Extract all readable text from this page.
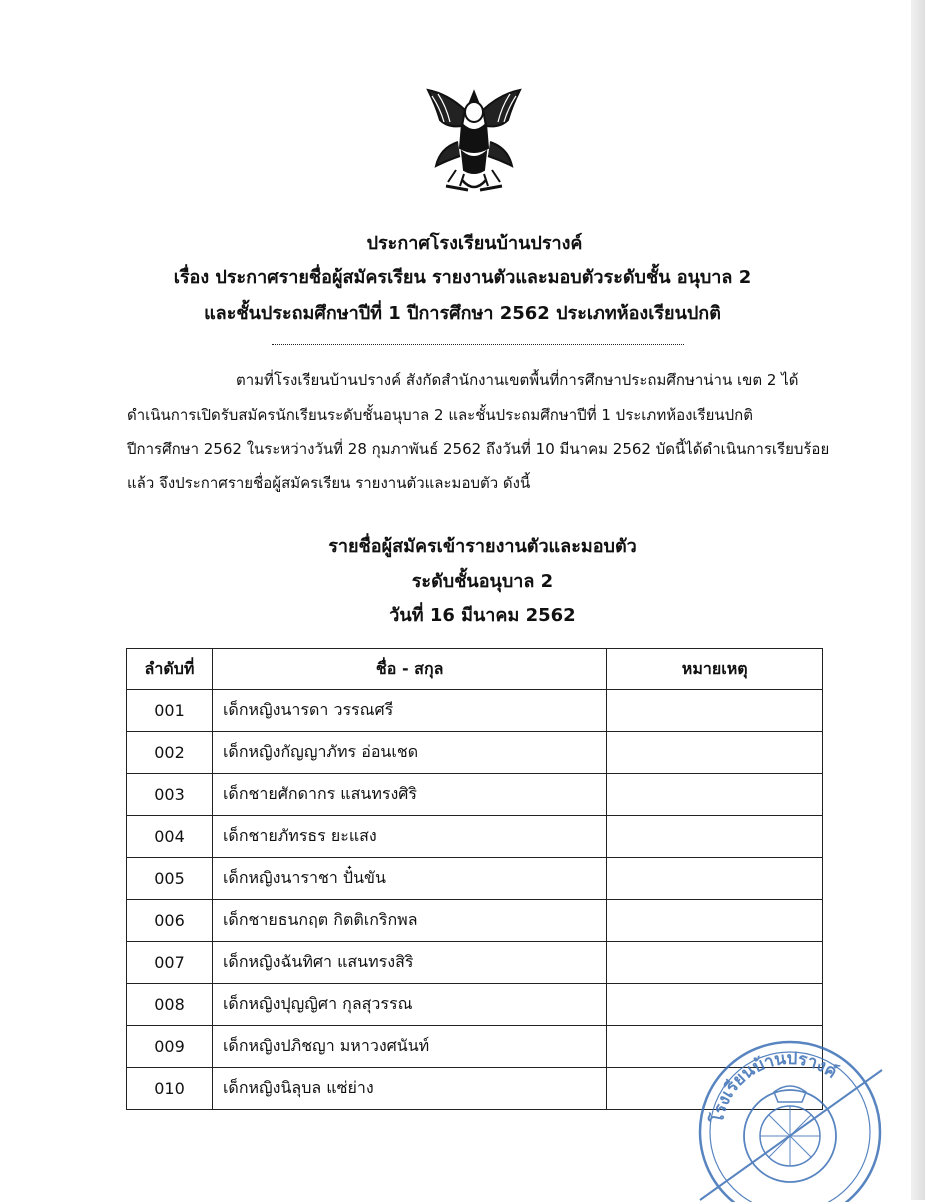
ประกาศโรงเรียนบ้านปรางค์
เรื่อง ประกาศรายชื่อผู้สมัครเรียน รายงานตัวและมอบตัวระดับชั้น อนุบาล 2
และชั้นประถมศึกษาปีที่ 1 ปีการศึกษา 2562 ประเภทห้องเรียนปกติ
ตามที่โรงเรียนบ้านปรางค์ สังกัดสำนักงานเขตพื้นที่การศึกษาประถมศึกษาน่าน เขต 2 ได้
ดำเนินการเปิดรับสมัครนักเรียนระดับชั้นอนุบาล 2 และชั้นประถมศึกษาปีที่ 1 ประเภทห้องเรียนปกติ
ปีการศึกษา 2562 ในระหว่างวันที่ 28 กุมภาพันธ์ 2562 ถึงวันที่ 10 มีนาคม 2562 บัดนี้ได้ดำเนินการเรียบร้อย
แล้ว จึงประกาศรายชื่อผู้สมัครเรียน รายงานตัวและมอบตัว ดังนี้
รายชื่อผู้สมัครเข้ารายงานตัวและมอบตัว
ระดับชั้นอนุบาล 2
วันที่ 16 มีนาคม 2562
ลำดับที่	ชื่อ - สกุล	หมายเหตุ
001	เด็กหญิงนารดา วรรณศรี	
002	เด็กหญิงกัญญาภัทร อ่อนเชด	
003	เด็กชายศักดากร แสนทรงศิริ	
004	เด็กชายภัทรธร ยะแสง	
005	เด็กหญิงนาราชา ปั๋นขัน	
006	เด็กชายธนกฤต กิตติเกริกพล	
007	เด็กหญิงฉันทิศา แสนทรงสิริ	
008	เด็กหญิงปุญญิศา กุลสุวรรณ	
009	เด็กหญิงปภิชญา มหาวงศนันท์	
010	เด็กหญิงนิลุบล แซ่ย่าง	
โรงเรียนบ้านปรางค์
